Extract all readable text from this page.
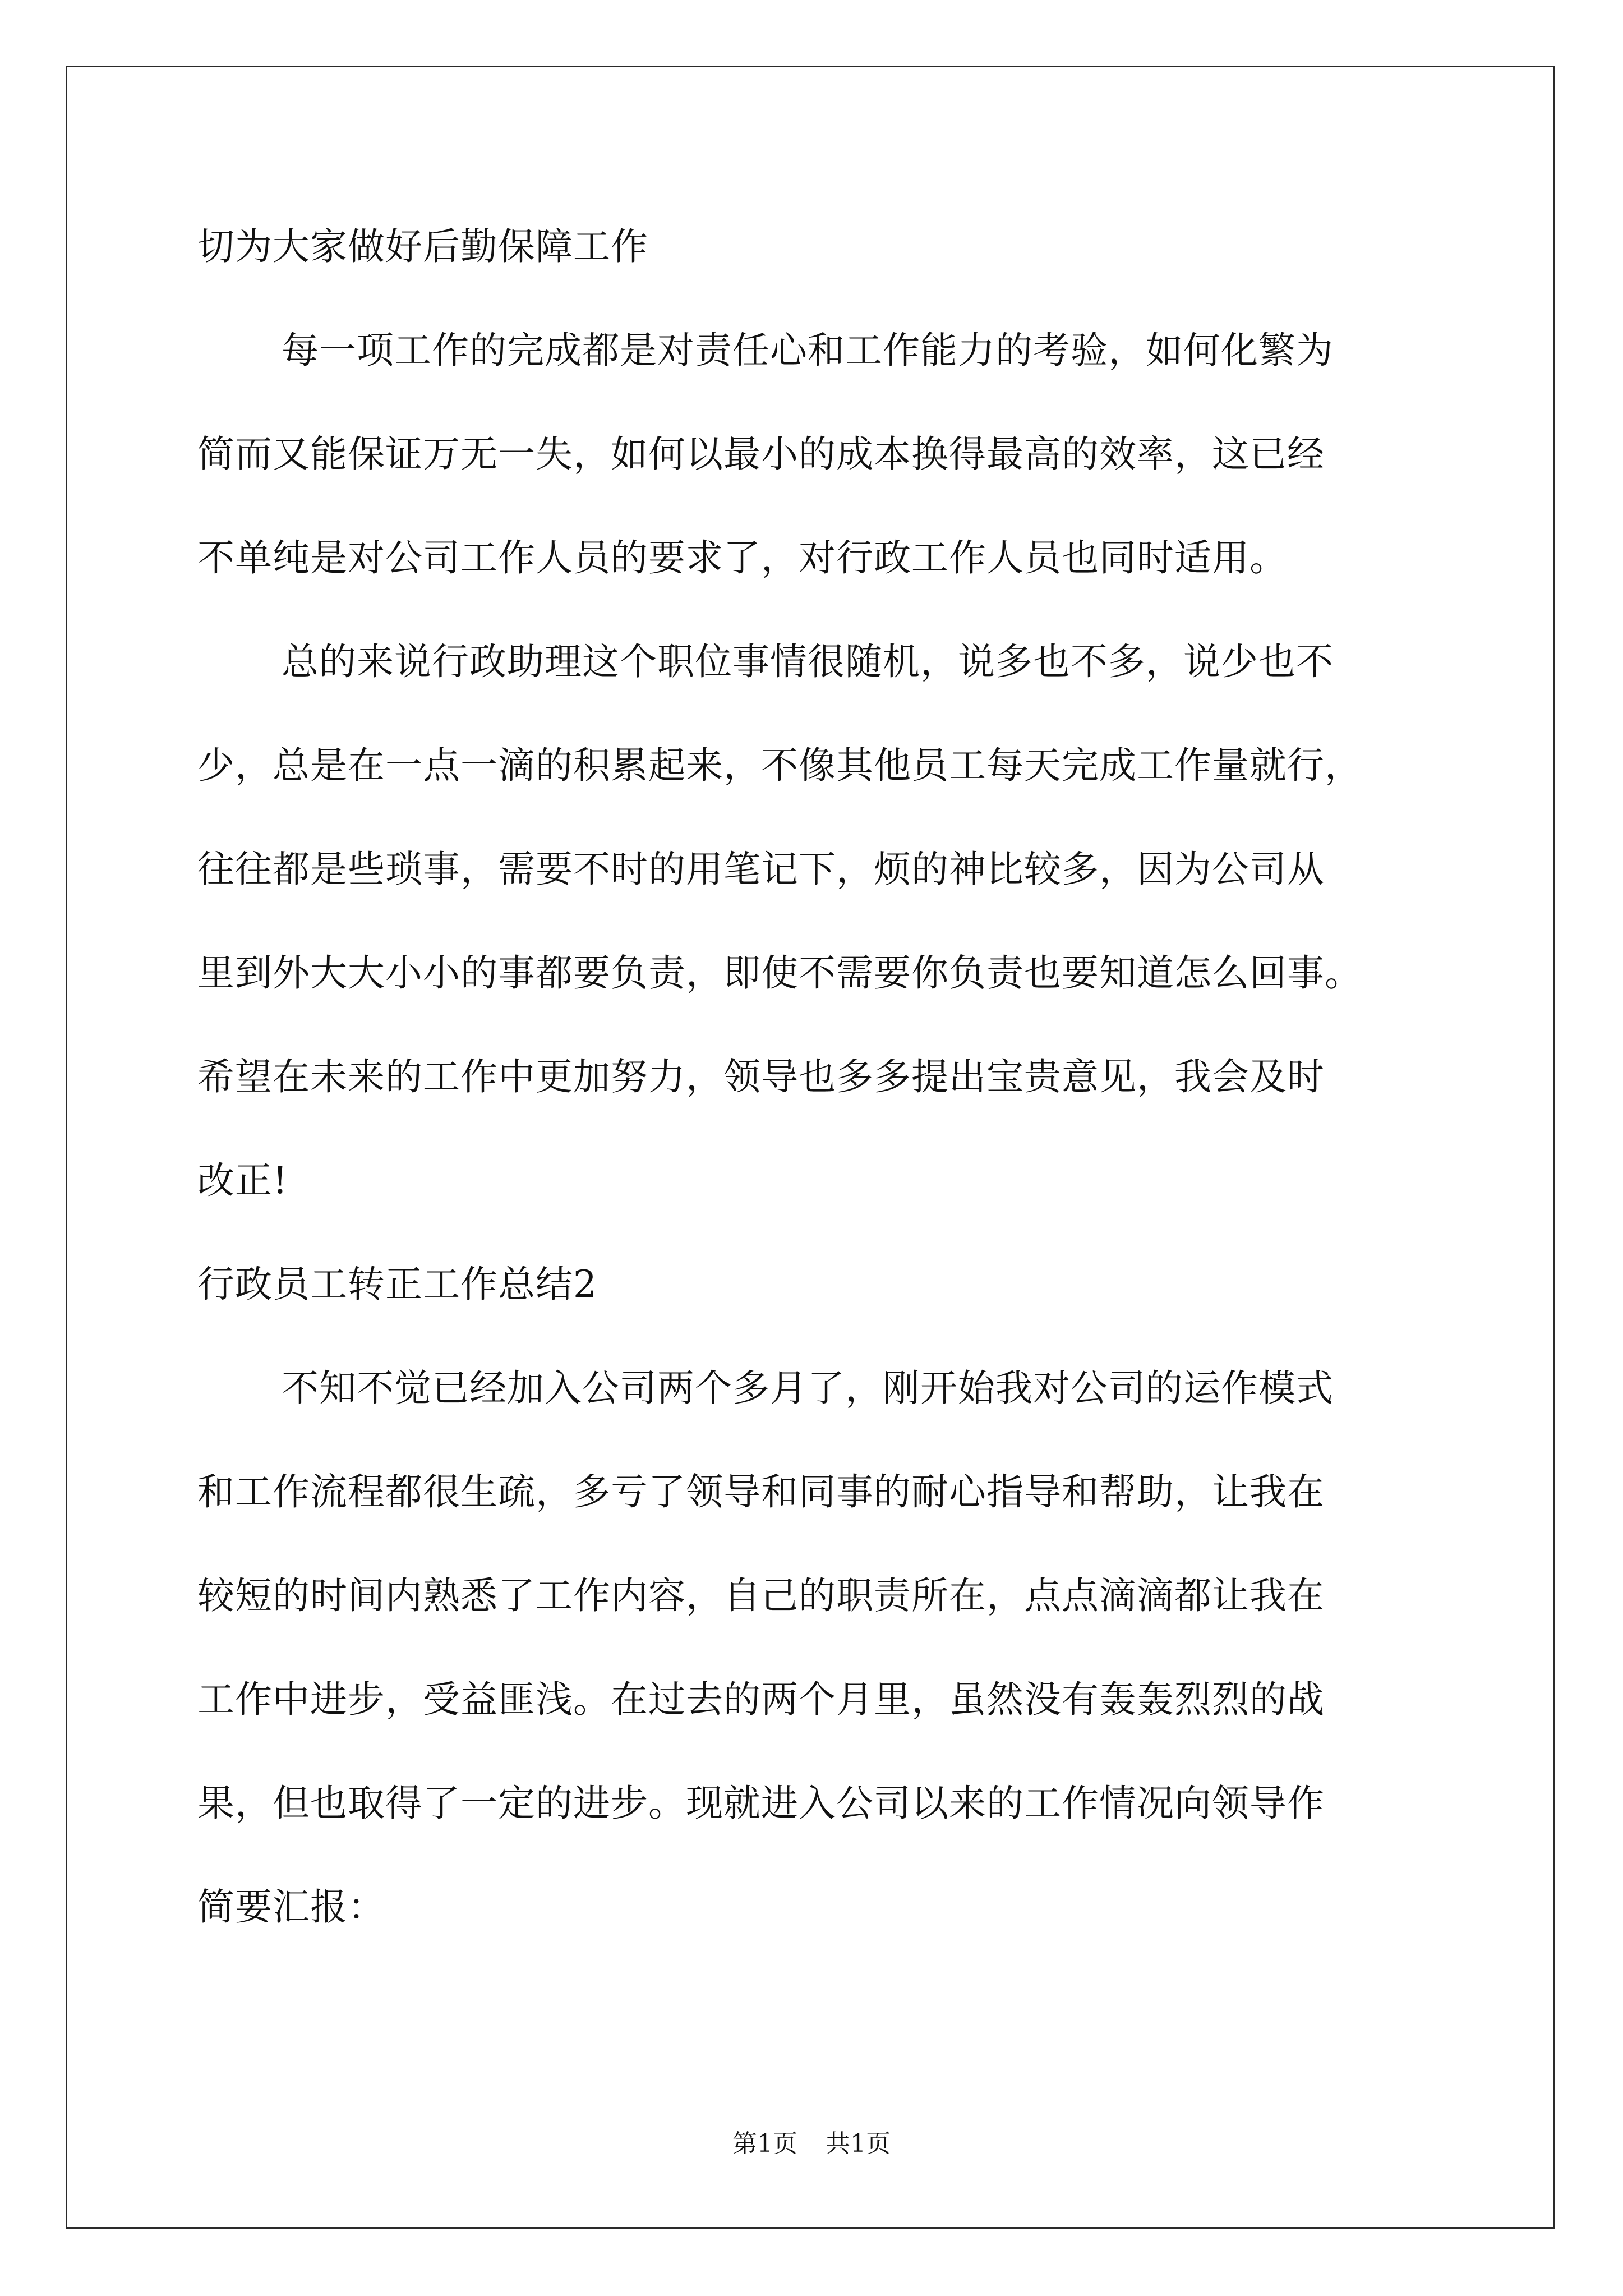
切为大家做好后勤保障工作
每一项工作的完成都是对责任心和工作能力的考验，如何化繁为
简而又能保证万无一失，如何以最小的成本换得最高的效率，这已经
不单纯是对公司工作人员的要求了，对行政工作人员也同时适用。
总的来说行政助理这个职位事情很随机，说多也不多，说少也不
少，总是在一点一滴的积累起来，不像其他员工每天完成工作量就行，
往往都是些琐事，需要不时的用笔记下，烦的神比较多，因为公司从
里到外大大小小的事都要负责，即使不需要你负责也要知道怎么回事。
希望在未来的工作中更加努力，领导也多多提出宝贵意见，我会及时
改正!
行政员工转正工作总结2
不知不觉已经加入公司两个多月了，刚开始我对公司的运作模式
和工作流程都很生疏，多亏了领导和同事的耐心指导和帮助，让我在
较短的时间内熟悉了工作内容，自己的职责所在，点点滴滴都让我在
工作中进步，受益匪浅。在过去的两个月里，虽然没有轰轰烈烈的战
果，但也取得了一定的进步。现就进入公司以来的工作情况向领导作
简要汇报：
第1页 共1页
